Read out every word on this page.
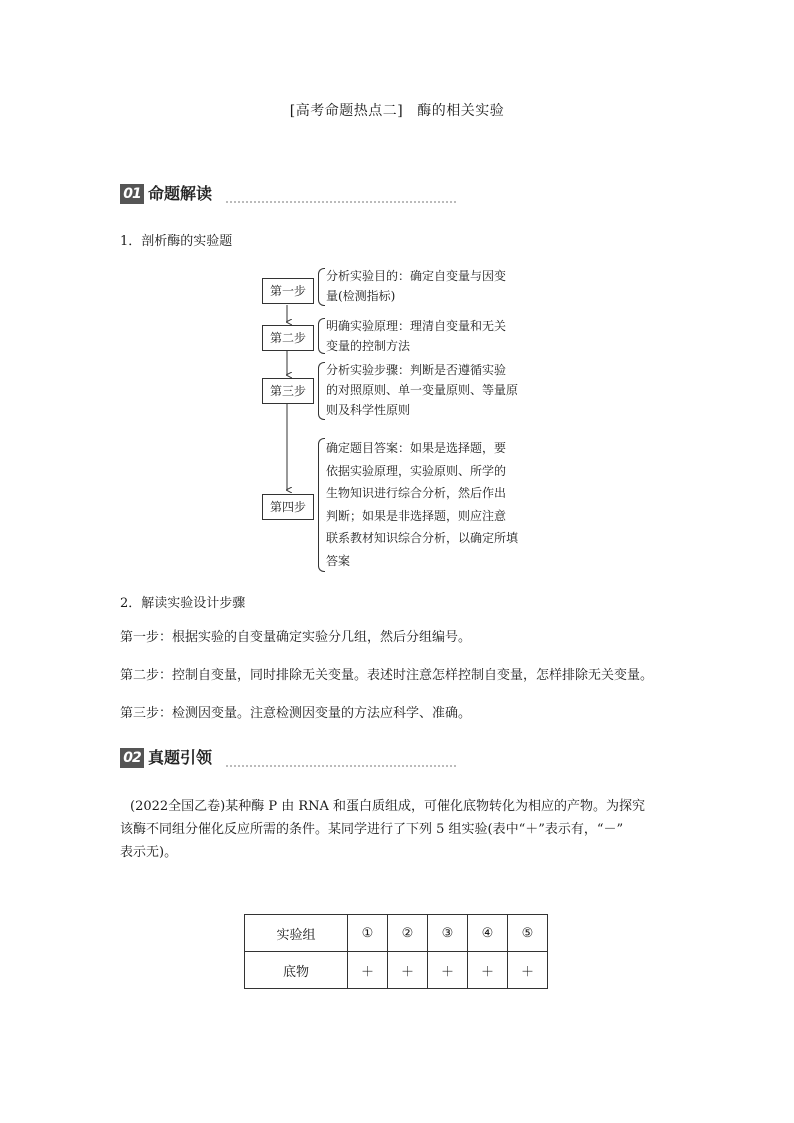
[高考命题热点二] 酶的相关实验
01 命题解读
1．剖析酶的实验题
第一步
分析实验目的：确定自变量与因变
量(检测指标)
第二步
明确实验原理：理清自变量和无关
变量的控制方法
第三步
分析实验步骤：判断是否遵循实验
的对照原则、单一变量原则、等量原
则及科学性原则
第四步
确定题目答案：如果是选择题，要
依据实验原理，实验原则、所学的
生物知识进行综合分析，然后作出
判断；如果是非选择题，则应注意
联系教材知识综合分析，以确定所填
答案
2．解读实验设计步骤
第一步：根据实验的自变量确定实验分几组，然后分组编号。
第二步：控制自变量，同时排除无关变量。表述时注意怎样控制自变量，怎样排除无关变量。
第三步：检测因变量。注意检测因变量的方法应科学、准确。
02 真题引领
(2022全国乙卷)某种酶 P 由 RNA 和蛋白质组成，可催化底物转化为相应的产物。为探究
该酶不同组分催化反应所需的条件。某同学进行了下列 5 组实验(表中“＋”表示有，“－”
表示无)。
实验组	①	②	③	④	⑤
底物	＋	＋	＋	＋	＋
